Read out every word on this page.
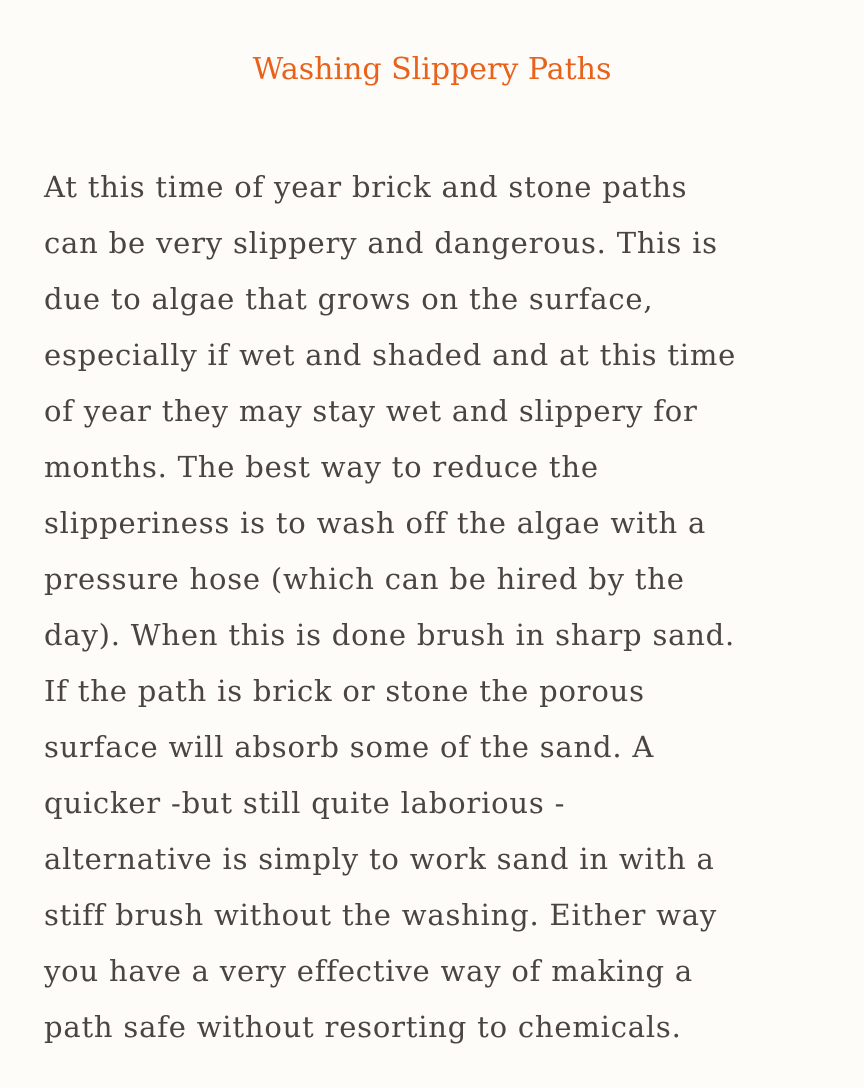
Washing Slippery Paths

At this time of year brick and stone paths
can be very slippery and dangerous. This is
due to algae that grows on the surface,
especially if wet and shaded and at this time
of year they may stay wet and slippery for
months. The best way to reduce the
slipperiness is to wash off the algae with a
pressure hose (which can be hired by the
day). When this is done brush in sharp sand.
If the path is brick or stone the porous
surface will absorb some of the sand. A
quicker -but still quite laborious -
alternative is simply to work sand in with a
stiff brush without the washing. Either way
you have a very effective way of making a
path safe without resorting to chemicals.
